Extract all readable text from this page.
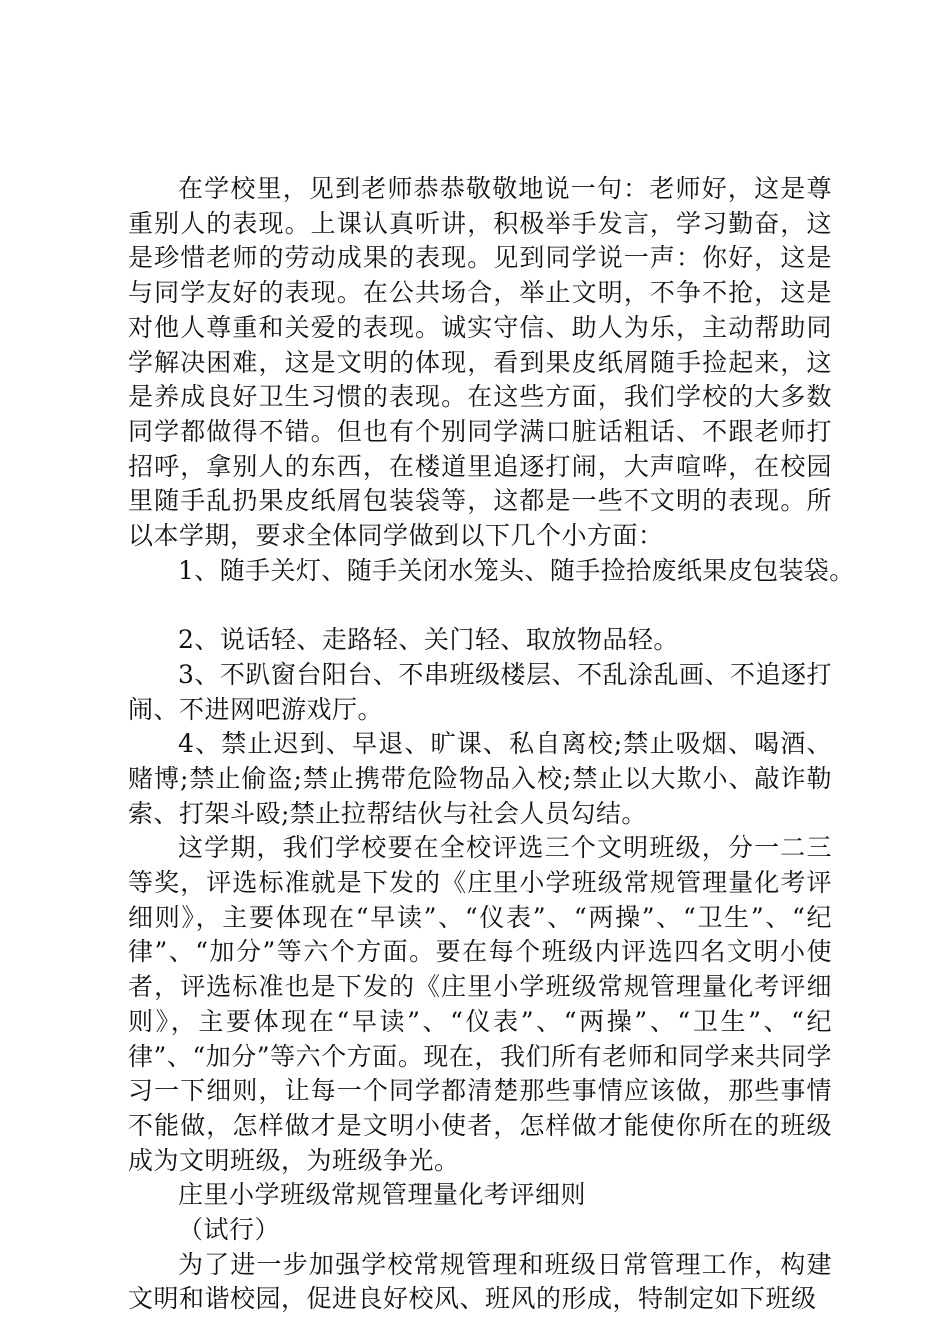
在学校里，见到老师恭恭敬敬地说一句：老师好，这是尊重别人的表现。上课认真听讲，积极举手发言，学习勤奋，这是珍惜老师的劳动成果的表现。见到同学说一声：你好，这是与同学友好的表现。在公共场合，举止文明，不争不抢，这是对他人尊重和关爱的表现。诚实守信、助人为乐，主动帮助同学解决困难，这是文明的体现，看到果皮纸屑随手捡起来，这是养成良好卫生习惯的表现。在这些方面，我们学校的大多数同学都做得不错。但也有个别同学满口脏话粗话、不跟老师打招呼，拿别人的东西，在楼道里追逐打闹，大声喧哗，在校园里随手乱扔果皮纸屑包装袋等，这都是一些不文明的表现。所以本学期，要求全体同学做到以下几个小方面：

1、随手关灯、随手关闭水笼头、随手捡拾废纸果皮包装袋。

2、说话轻、走路轻、关门轻、取放物品轻。

3、不趴窗台阳台、不串班级楼层、不乱涂乱画、不追逐打闹、不进网吧游戏厅。

4、禁止迟到、早退、旷课、私自离校;禁止吸烟、喝酒、赌博;禁止偷盗;禁止携带危险物品入校;禁止以大欺小、敲诈勒索、打架斗殴;禁止拉帮结伙与社会人员勾结。

这学期，我们学校要在全校评选三个文明班级，分一二三等奖，评选标准就是下发的《庄里小学班级常规管理量化考评细则》，主要体现在“早读”、“仪表”、“两操”、“卫生”、“纪律”、“加分”等六个方面。要在每个班级内评选四名文明小使者，评选标准也是下发的《庄里小学班级常规管理量化考评细则》，主要体现在“早读”、“仪表”、“两操”、“卫生”、“纪律”、“加分”等六个方面。现在，我们所有老师和同学来共同学习一下细则，让每一个同学都清楚那些事情应该做，那些事情不能做，怎样做才是文明小使者，怎样做才能使你所在的班级成为文明班级，为班级争光。

庄里小学班级常规管理量化考评细则

（试行）

为了进一步加强学校常规管理和班级日常管理工作，构建文明和谐校园，促进良好校风、班风的形成，特制定如下班级
